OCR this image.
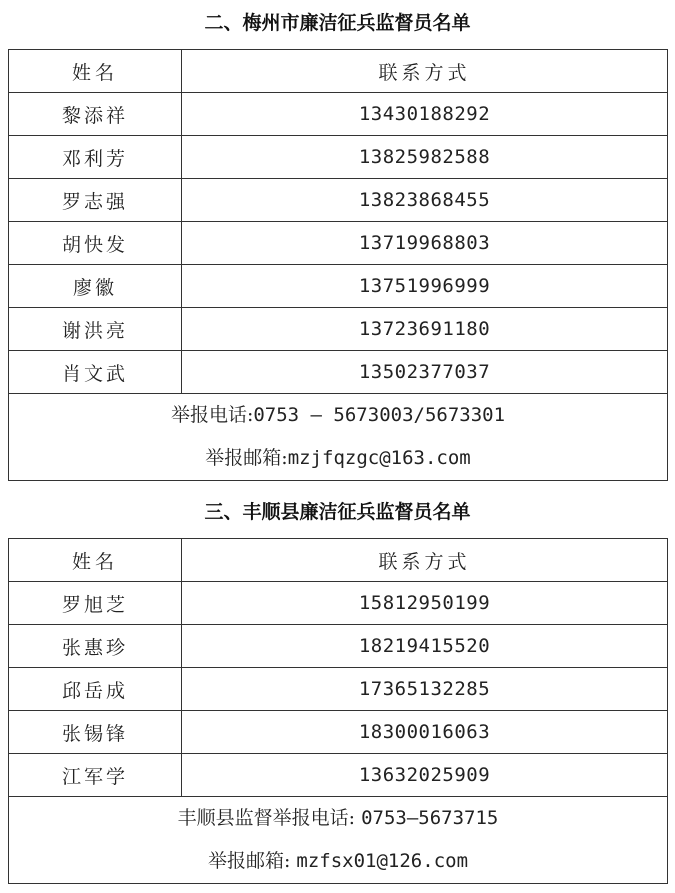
二、梅州市廉洁征兵监督员名单
姓名	联系方式
黎添祥	13430188292
邓利芳	13825982588
罗志强	13823868455
胡快发	13719968803
廖徽	13751996999
谢洪亮	13723691180
肖文武	13502377037

举报电话:0753 — 5673003/5673301
举报邮箱:mzjfqzgc@163.com	
三、丰顺县廉洁征兵监督员名单
姓名	联系方式
罗旭芝	15812950199
张惠珍	18219415520
邱岳成	17365132285
张锡锋	18300016063
江军学	13632025909

丰顺县监督举报电话: 0753—5673715
举报邮箱: mzfsx01@126.com	
